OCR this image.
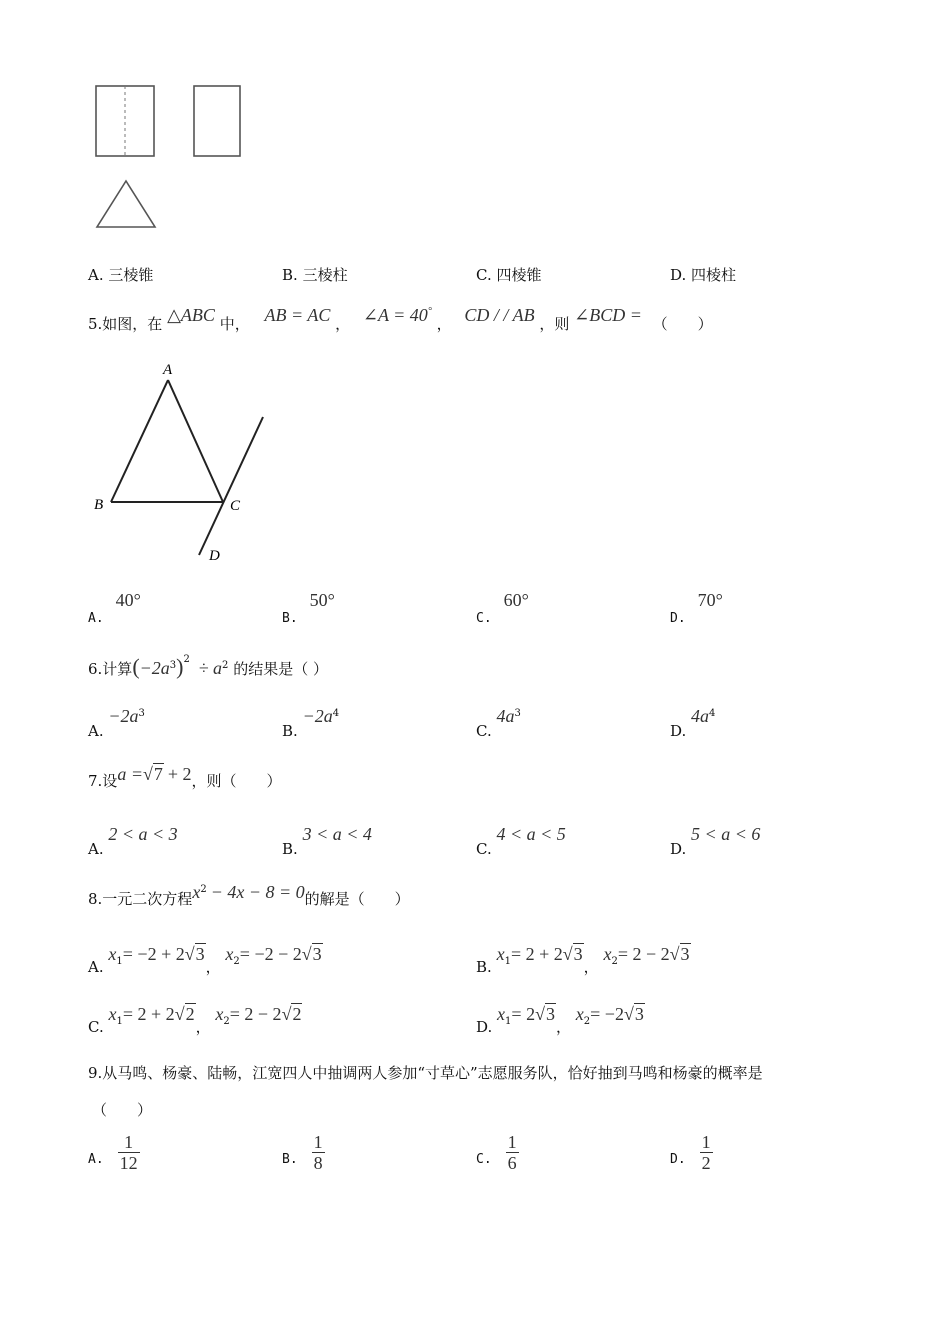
A. 三棱锥	B. 三棱柱	C. 四棱锥	D. 四棱柱
5.如图，在 △ABC 中， AB = AC ， ∠A = 40° ， CD / / AB ，则 ∠BCD = （　　）
A
B	C
D
$_{A.}$40°
$_{B.}$50°
$_{C.}$60°
$_{D.}$70°
6.计算$(-2a^3)^2 \div a^2$ 的结果是（ ）
A. $-2a^3$
B. $-2a^4$
C. $4a^3$
D. $4a^4$
7.设a =√7 + 2，则（　　）
A. 2 < a < 3
B. 3 < a < 4
C. 4 < a < 5
D. 5 < a < 6
8.一元二次方程$x^2 - 4x - 8 = 0$的解是（　　）
A. $x_1= -2 + 2√3$， $x_2= -2 - 2√3$
B. $x_1= 2 + 2√3$， $x_2= 2 - 2√3$
C. $x_1= 2 + 2√2$， $x_2= 2 - 2√2$
D. $x_1= 2√3$， $x_2= -2√3$
9.从马鸣、杨豪、陆畅，江宽四人中抽调两人参加“寸草心”志愿服务队，恰好抽到马鸣和杨豪的概率是
（　　）
$^{A.} \frac{1}{12}$	$^{B.} \frac{1}{8}$	$^{C.} \frac{1}{6}$	$^{D.} \frac{1}{2}$
